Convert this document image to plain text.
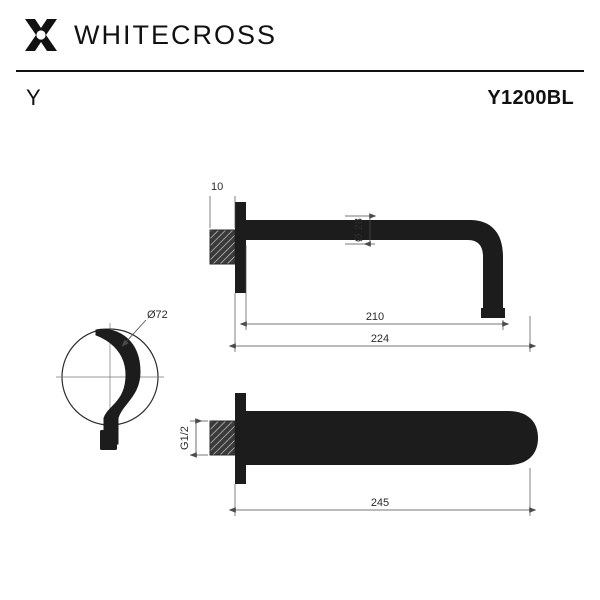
WHITECROSS
Y	Y1200BL
Ø72
10
Ø 28
210
224
G1/2
245
